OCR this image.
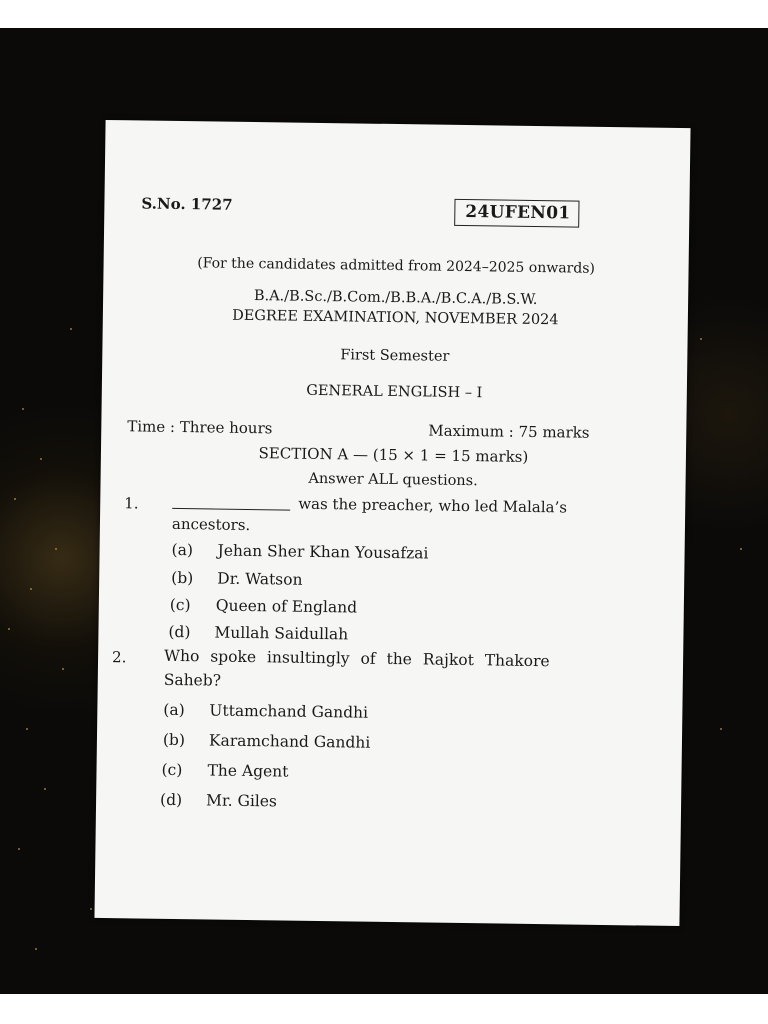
S.No. 1727	24UFEN01
(For the candidates admitted from 2024–2025 onwards)
B.A./B.Sc./B.Com./B.B.A./B.C.A./B.S.W.
DEGREE EXAMINATION, NOVEMBER 2024
First Semester
GENERAL ENGLISH – I
Time : Three hours	Maximum : 75 marks
SECTION A — (15 × 1 = 15 marks)
Answer ALL questions.
1.	was the preacher, who led Malala’s
ancestors.
(a) Jehan Sher Khan Yousafzai
(b) Dr. Watson
(c) Queen of England
(d) Mullah Saidullah
2. Who spoke insultingly of the Rajkot Thakore
Saheb?
(a) Uttamchand Gandhi
(b) Karamchand Gandhi
(c) The Agent
(d) Mr. Giles
